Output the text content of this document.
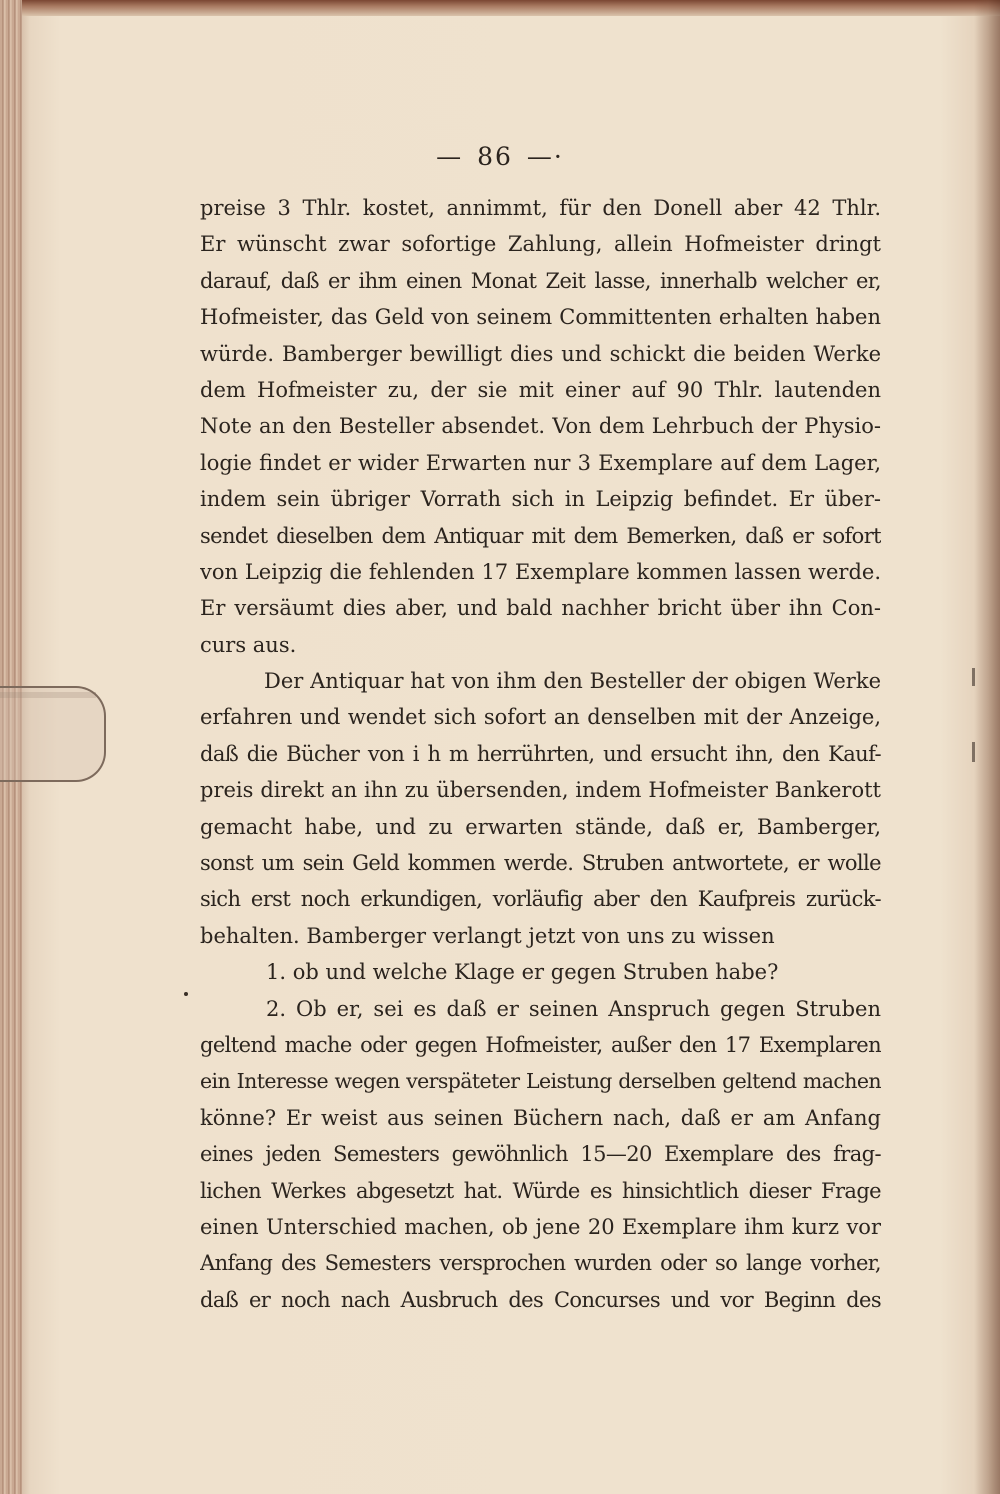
— 86 —·
preise 3 Thlr. kostet, annimmt, für den Donell aber 42 Thlr.
Er wünscht zwar sofortige Zahlung, allein Hofmeister dringt
darauf, daß er ihm einen Monat Zeit lasse, innerhalb welcher er,
Hofmeister, das Geld von seinem Committenten erhalten haben
würde. Bamberger bewilligt dies und schickt die beiden Werke
dem Hofmeister zu, der sie mit einer auf 90 Thlr. lautenden
Note an den Besteller absendet. Von dem Lehrbuch der Physio-
logie findet er wider Erwarten nur 3 Exemplare auf dem Lager,
indem sein übriger Vorrath sich in Leipzig befindet. Er über-
sendet dieselben dem Antiquar mit dem Bemerken, daß er sofort
von Leipzig die fehlenden 17 Exemplare kommen lassen werde.
Er versäumt dies aber, und bald nachher bricht über ihn Con-
curs aus.
Der Antiquar hat von ihm den Besteller der obigen Werke
erfahren und wendet sich sofort an denselben mit der Anzeige,
daß die Bücher von i h m herrührten, und ersucht ihn, den Kauf-
preis direkt an ihn zu übersenden, indem Hofmeister Bankerott
gemacht habe, und zu erwarten stände, daß er, Bamberger,
sonst um sein Geld kommen werde. Struben antwortete, er wolle
sich erst noch erkundigen, vorläufig aber den Kaufpreis zurück-
behalten. Bamberger verlangt jetzt von uns zu wissen
1. ob und welche Klage er gegen Struben habe?
2. Ob er, sei es daß er seinen Anspruch gegen Struben
geltend mache oder gegen Hofmeister, außer den 17 Exemplaren
ein Interesse wegen verspäteter Leistung derselben geltend machen
könne? Er weist aus seinen Büchern nach, daß er am Anfang
eines jeden Semesters gewöhnlich 15—20 Exemplare des frag-
lichen Werkes abgesetzt hat. Würde es hinsichtlich dieser Frage
einen Unterschied machen, ob jene 20 Exemplare ihm kurz vor
Anfang des Semesters versprochen wurden oder so lange vorher,
daß er noch nach Ausbruch des Concurses und vor Beginn des
